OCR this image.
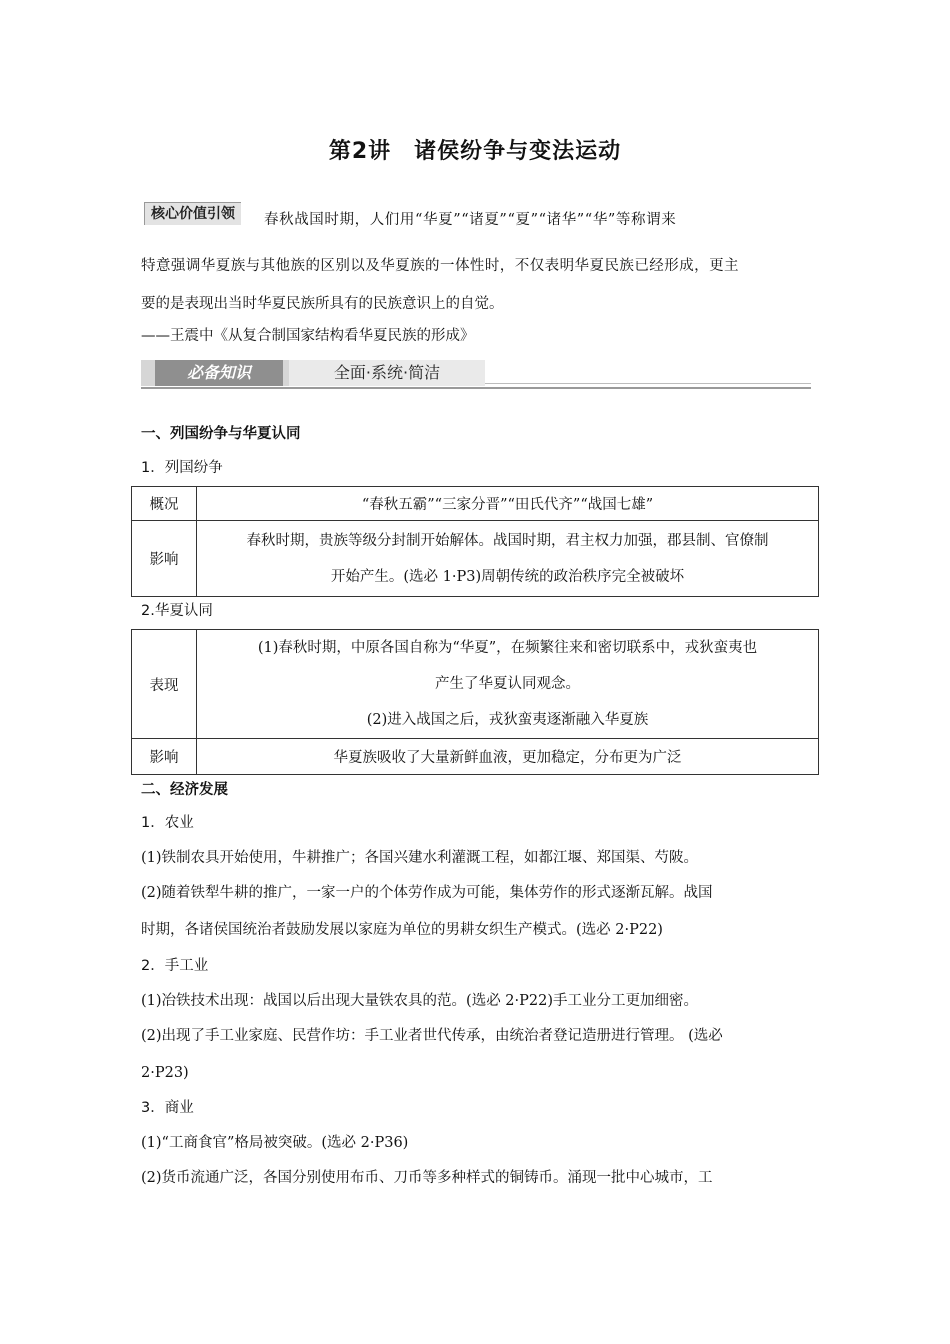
第2讲　诸侯纷争与变法运动
核心价值引领	春秋战国时期，人们用“华夏”“诸夏”“夏”“诸华”“华”等称谓来
特意强调华夏族与其他族的区别以及华夏族的一体性时，不仅表明华夏民族已经形成，更主
要的是表现出当时华夏民族所具有的民族意识上的自觉。
——王震中《从复合制国家结构看华夏民族的形成》
必备知识	全面·系统·简洁
一、列国纷争与华夏认同
1．列国纷争
概况	“春秋五霸”“三家分晋”“田氏代齐”“战国七雄”
影响	春秋时期，贵族等级分封制开始解体。战国时期，君主权力加强，郡县制、官僚制
开始产生。(选必 1·P3)周朝传统的政治秩序完全被破坏
2.华夏认同
表现	(1)春秋时期，中原各国自称为“华夏”，在频繁往来和密切联系中，戎狄蛮夷也
产生了华夏认同观念。
(2)进入战国之后，戎狄蛮夷逐渐融入华夏族

影响	华夏族吸收了大量新鲜血液，更加稳定，分布更为广泛
二、经济发展
1．农业
(1)铁制农具开始使用，牛耕推广；各国兴建水利灌溉工程，如都江堰、郑国渠、芍陂。
(2)随着铁犁牛耕的推广，一家一户的个体劳作成为可能，集体劳作的形式逐渐瓦解。战国
时期，各诸侯国统治者鼓励发展以家庭为单位的男耕女织生产模式。(选必 2·P22)
2．手工业
(1)冶铁技术出现：战国以后出现大量铁农具的范。(选必 2·P22)手工业分工更加细密。
(2)出现了手工业家庭、民营作坊：手工业者世代传承，由统治者登记造册进行管理。 (选必
2·P23)
3．商业
(1)“工商食官”格局被突破。(选必 2·P36)
(2)货币流通广泛，各国分别使用布币、刀币等多种样式的铜铸币。涌现一批中心城市，工
